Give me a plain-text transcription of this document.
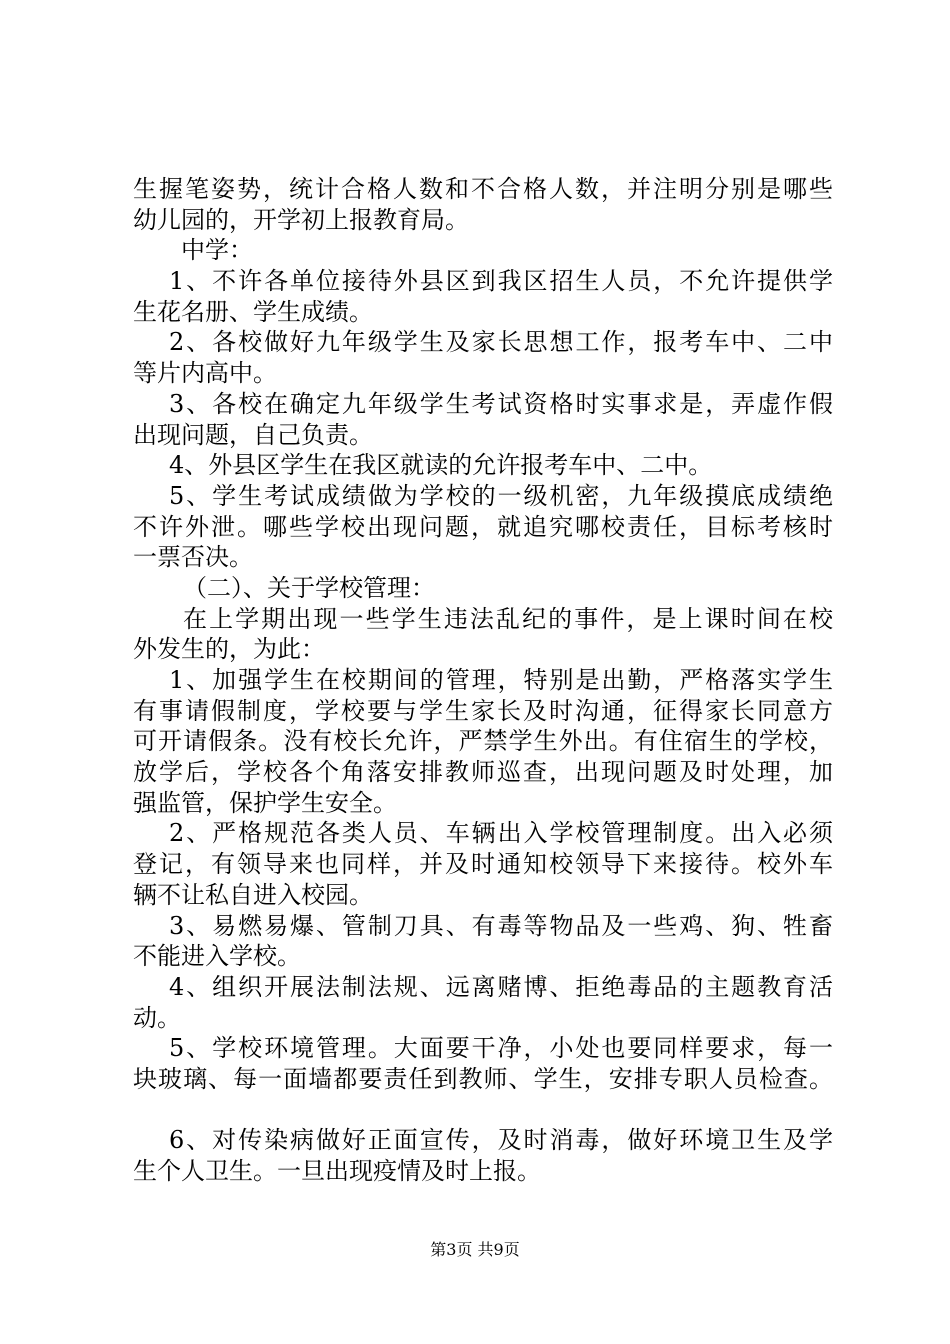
生握笔姿势，统计合格人数和不合格人数，并注明分别是哪些
幼儿园的，开学初上报教育局。
中学：
1、不许各单位接待外县区到我区招生人员，不允许提供学
生花名册、学生成绩。
2、各校做好九年级学生及家长思想工作，报考车中、二中
等片内高中。
3、各校在确定九年级学生考试资格时实事求是，弄虚作假
出现问题，自己负责。
4、外县区学生在我区就读的允许报考车中、二中。
5、学生考试成绩做为学校的一级机密，九年级摸底成绩绝
不许外泄。哪些学校出现问题，就追究哪校责任，目标考核时
一票否决。
（二）、关于学校管理：
在上学期出现一些学生违法乱纪的事件，是上课时间在校
外发生的，为此：
1、加强学生在校期间的管理，特别是出勤，严格落实学生
有事请假制度，学校要与学生家长及时沟通，征得家长同意方
可开请假条。没有校长允许，严禁学生外出。有住宿生的学校，
放学后，学校各个角落安排教师巡查，出现问题及时处理，加
强监管，保护学生安全。
2、严格规范各类人员、车辆出入学校管理制度。出入必须
登记，有领导来也同样，并及时通知校领导下来接待。校外车
辆不让私自进入校园。
3、易燃易爆、管制刀具、有毒等物品及一些鸡、狗、牲畜
不能进入学校。
4、组织开展法制法规、远离赌博、拒绝毒品的主题教育活
动。
5、学校环境管理。大面要干净，小处也要同样要求，每一
块玻璃、每一面墙都要责任到教师、学生，安排专职人员检查。
6、对传染病做好正面宣传，及时消毒，做好环境卫生及学
生个人卫生。一旦出现疫情及时上报。
第3页 共9页
